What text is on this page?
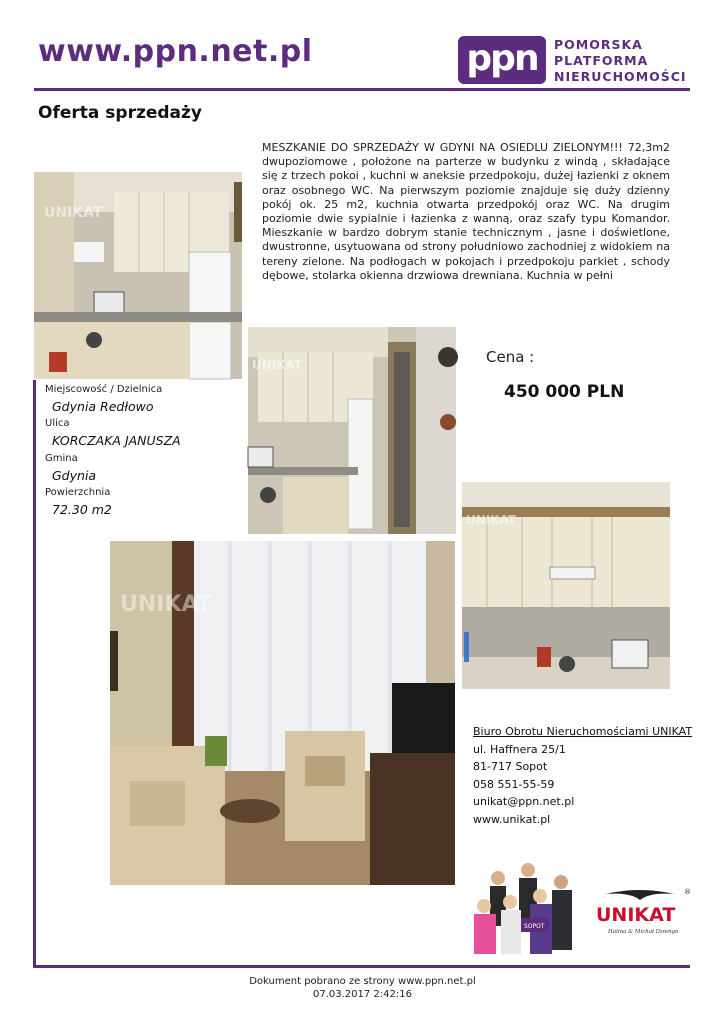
www.ppn.net.pl	ppn	POMORSKA
PLATFORMA
NIERUCHOMOŚCI
Oferta sprzedaży
MESZKANIE DO SPRZEDAŻY W GDYNI NA OSIEDLU ZIELONYM!!! 72,3m2 dwupoziomowe , położone na parterze w budynku z windą , składające się z trzech pokoi , kuchni w aneksie przedpokoju, dużej łazienki z oknem oraz osobnego WC. Na pierwszym poziomie znajduje się duży dzienny pokój ok. 25 m2, kuchnia otwarta przedpokój oraz WC. Na drugim poziomie dwie sypialnie i łazienka z wanną, oraz szafy typu Komandor. Mieszkanie w bardzo dobrym stanie technicznym , jasne i doświetlone, dwustronne, usytuowana od strony południowo zachodniej z widokiem na tereny zielone. Na podłogach w pokojach i przedpokoju parkiet , schody dębowe, stolarka okienna drzwiowa drewniana. Kuchnia w pełni
UNIKAT
UNIKAT
UNIKAT
UNIKAT
Miejscowość / Dzielnica
Gdynia Redłowo
Ulica
KORCZAKA JANUSZA
Gmina
Gdynia
Powierzchnia
72.30 m2
Cena :
450 000 PLN
Biuro Obrotu Nieruchomościami UNIKAT
ul. Haffnera 25/1
81-717 Sopot
058 551-55-59
unikat@ppn.net.pl
www.unikat.pl
SOPOT
®
UNIKAT
Halina & Michał Dziengo
Dokument pobrano ze strony www.ppn.net.pl
07.03.2017 2:42:16
